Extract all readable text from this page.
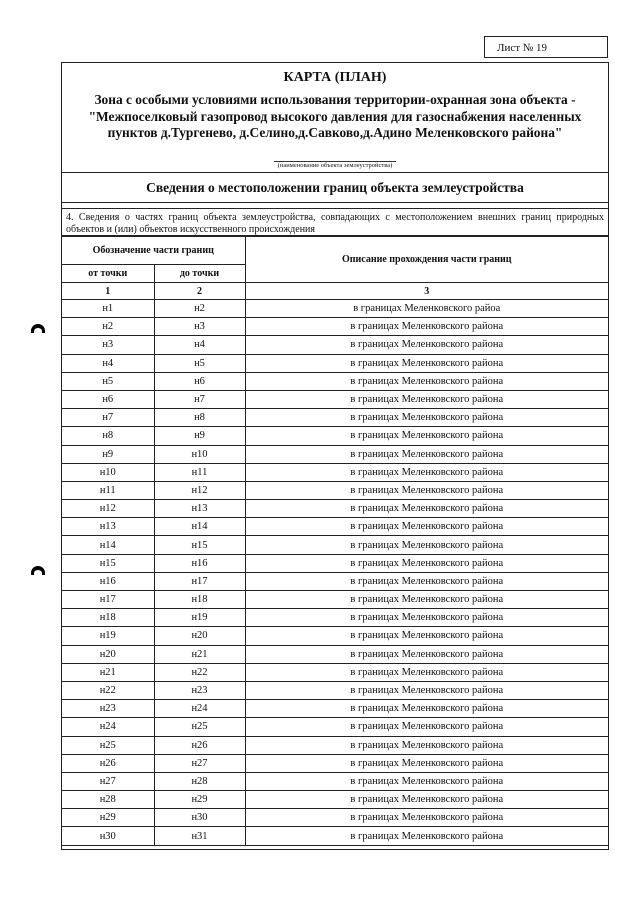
Лист № 19
КАРТА (ПЛАН)
Зона с особыми условиями использования территории-охранная зона объекта -"Межпоселковый газопровод высокого давления для газоснабжения населенных пунктов д.Тургенево, д.Селино,д.Савково,д.Адино Меленковского района"
(наименование объекта землеустройства)
Сведения о местоположении границ объекта землеустройства
4. Сведения о частях границ объекта землеустройства, совпадающих с местоположением внешних границ природных объектов и (или) объектов искусственного происхождения
Обозначение части границ		Описание прохождения части границ
от точки	до точки	
1	2	3
н1	н2	в границах Меленковского райоа
н2	н3	в границах Меленковского района
н3	н4	в границах Меленковского района
н4	н5	в границах Меленковского района
н5	н6	в границах Меленковского района
н6	н7	в границах Меленковского района
н7	н8	в границах Меленковского района
н8	н9	в границах Меленковского района
н9	н10	в границах Меленковского района
н10	н11	в границах Меленковского района
н11	н12	в границах Меленковского района
н12	н13	в границах Меленковского района
н13	н14	в границах Меленковского района
н14	н15	в границах Меленковского района
н15	н16	в границах Меленковского района
н16	н17	в границах Меленковского района
н17	н18	в границах Меленковского района
н18	н19	в границах Меленковского района
н19	н20	в границах Меленковского района
н20	н21	в границах Меленковского района
н21	н22	в границах Меленковского района
н22	н23	в границах Меленковского района
н23	н24	в границах Меленковского района
н24	н25	в границах Меленковского района
н25	н26	в границах Меленковского района
н26	н27	в границах Меленковского района
н27	н28	в границах Меленковского района
н28	н29	в границах Меленковского района
н29	н30	в границах Меленковского района
н30	н31	в границах Меленковского района
